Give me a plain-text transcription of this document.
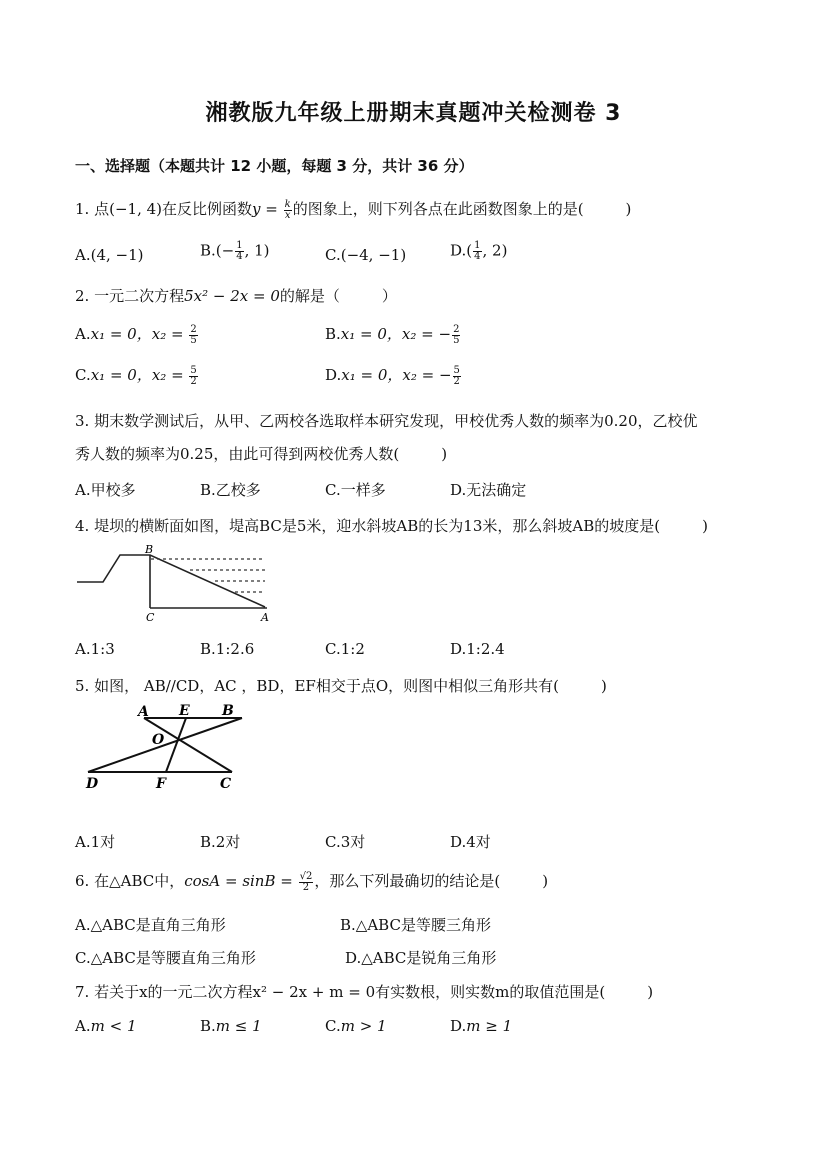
湘教版九年级上册期末真题冲关检测卷 3
一、选择题（本题共计 12 小题，每题 3 分，共计 36 分）
1. 点(−1, 4)在反比例函数$y = \frac{k}{x}$ 的图象上，则下列各点在此函数图象上的是(	)
A.(4, −1)	$B.(- \frac{1}{4}$ , 1)	C.(−4, −1)	$D.( \frac{1}{4}$ , 2)
2. 一元二次方程5x² − 2x = 0的解是（	）
A.x₁ = 0，$x_2 = \frac{2}{5}$	B.x₁ = 0，x₂ = − $\frac{2}{5}$
C.x₁ = 0，$x_2 = \frac{5}{2}$	D.x₁ = 0，x₂ = − $\frac{5}{2}$
3. 期末数学测试后，从甲、乙两校各选取样本研究发现，甲校优秀人数的频率为0.20，乙校优
秀人数的频率为0.25，由此可得到两校优秀人数(	)
A.甲校多	B.乙校多	C.一样多	D.无法确定
4. 堤坝的横断面如图，堤高BC是5米，迎水斜坡AB的长为13米，那么斜坡AB的坡度是(	)
B
C	A
A.1:3	B.1:2.6	C.1:2	D.1:2.4
5. 如图， AB//CD，AC ，BD，EF相交于点O，则图中相似三角形共有(	)
A E B
O
D	F	C
A.1对	B.2对	C.3对	D.4对
6. 在△ABC中，$\cos A = \sin B = \frac{√2}{2}$ ，那么下列最确切的结论是(	)
A.△ABC是直角三角形	B.△ABC是等腰三角形
C.△ABC是等腰直角三角形	D.△ABC是锐角三角形
7. 若关于x的一元二次方程x² − 2x + m = 0有实数根，则实数m的取值范围是(	)
A.m < 1	B.m ≤ 1	C.m > 1	D.m ≥ 1
